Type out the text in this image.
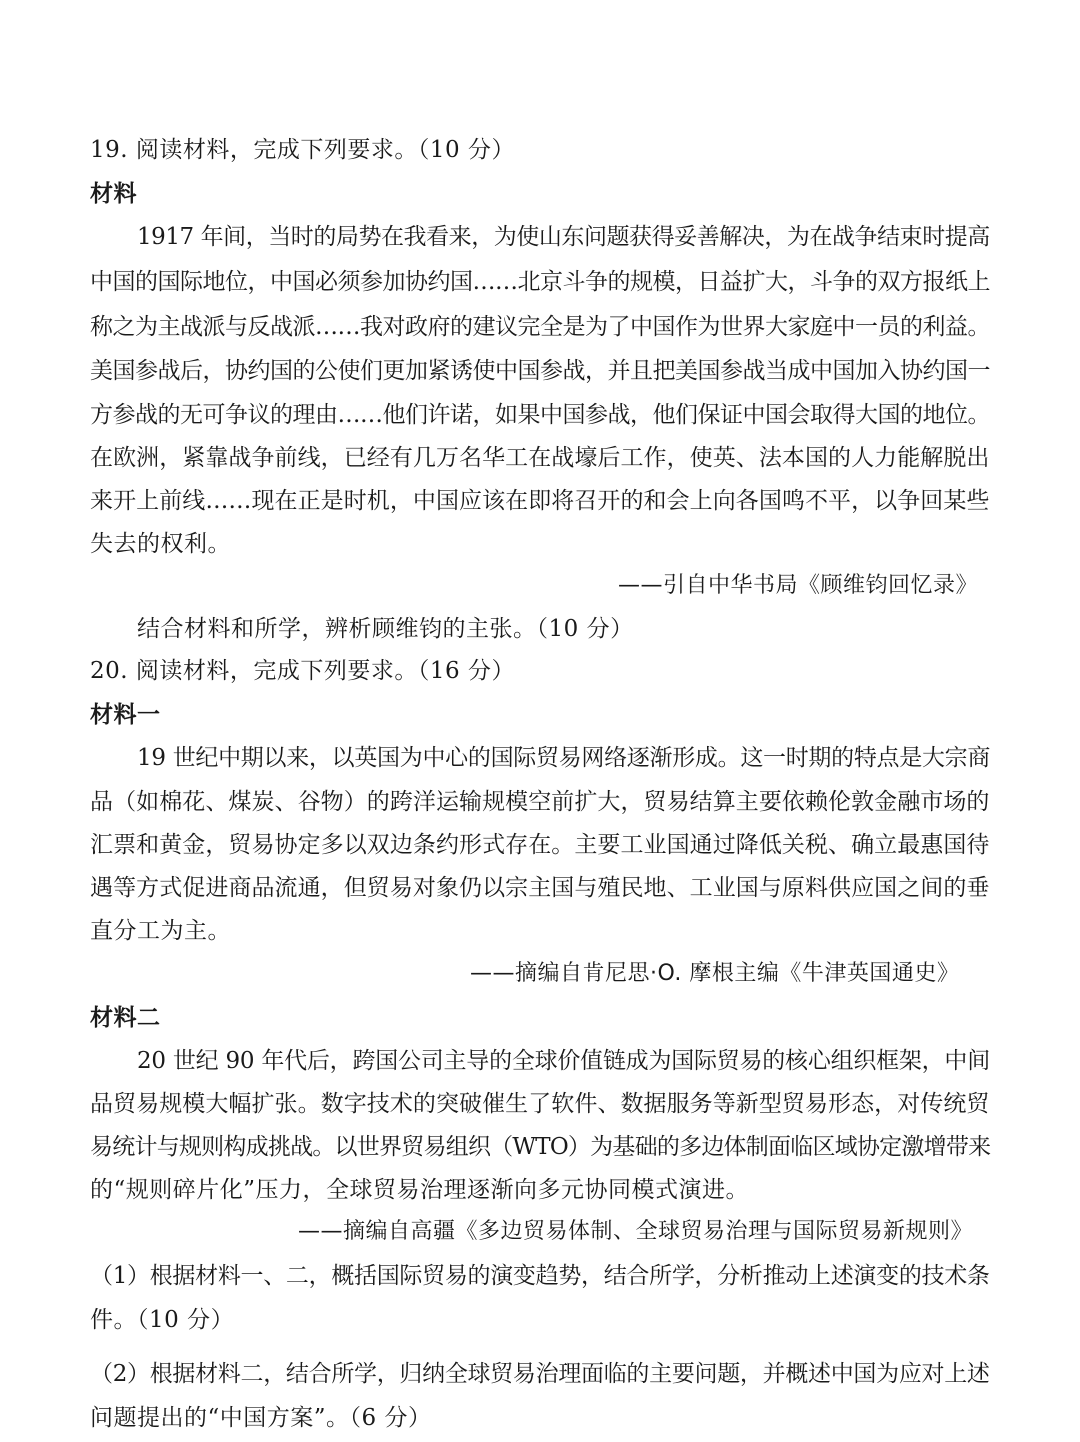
19. 阅读材料，完成下列要求。（10 分）
材料
1917 年间，当时的局势在我看来，为使山东问题获得妥善解决，为在战争结束时提高
中国的国际地位，中国必须参加协约国……北京斗争的规模，日益扩大，斗争的双方报纸上
称之为主战派与反战派……我对政府的建议完全是为了中国作为世界大家庭中一员的利益。
美国参战后，协约国的公使们更加紧诱使中国参战，并且把美国参战当成中国加入协约国一
方参战的无可争议的理由……他们许诺，如果中国参战，他们保证中国会取得大国的地位。
在欧洲，紧靠战争前线，已经有几万名华工在战壕后工作，使英、法本国的人力能解脱出
来开上前线……现在正是时机，中国应该在即将召开的和会上向各国鸣不平，以争回某些
失去的权利。
——引自中华书局《顾维钧回忆录》
结合材料和所学，辨析顾维钧的主张。（10 分）
20. 阅读材料，完成下列要求。（16 分）
材料一
19 世纪中期以来，以英国为中心的国际贸易网络逐渐形成。这一时期的特点是大宗商
品（如棉花、煤炭、谷物）的跨洋运输规模空前扩大，贸易结算主要依赖伦敦金融市场的
汇票和黄金，贸易协定多以双边条约形式存在。主要工业国通过降低关税、确立最惠国待
遇等方式促进商品流通，但贸易对象仍以宗主国与殖民地、工业国与原料供应国之间的垂
直分工为主。
——摘编自肯尼思·O. 摩根主编《牛津英国通史》
材料二
20 世纪 90 年代后，跨国公司主导的全球价值链成为国际贸易的核心组织框架，中间
品贸易规模大幅扩张。数字技术的突破催生了软件、数据服务等新型贸易形态，对传统贸
易统计与规则构成挑战。以世界贸易组织（WTO）为基础的多边体制面临区域协定激增带来
的“规则碎片化”压力，全球贸易治理逐渐向多元协同模式演进。
——摘编自高疆《多边贸易体制、全球贸易治理与国际贸易新规则》
（1）根据材料一、二，概括国际贸易的演变趋势，结合所学，分析推动上述演变的技术条
件。（10 分）
（2）根据材料二，结合所学，归纳全球贸易治理面临的主要问题，并概述中国为应对上述
问题提出的“中国方案”。（6 分）
